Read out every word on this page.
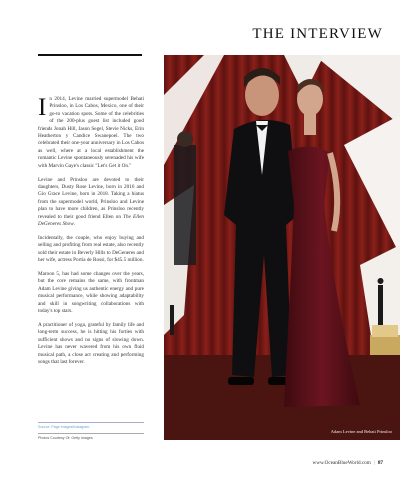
THE INTERVIEW

In 2014, Levine married supermodel Behati Prinsloo, in Los Cabos, Mexico, one of their go-to vacation spots. Some of the celebrities of the 200-plus guest list included good friends Jonah Hill, Jason Segel, Stevie Nicks, Erin Heatherton y Candice Swanepoel. The two celebrated their one-year anniversary in Los Cabos as well, where at a local establishment the romantic Levine spontaneously serenaded his wife with Marvin Gaye's classic "Let's Get it On."

Levine and Prinsloo are devoted to their daughters, Dusty Rose Levine, born in 2016 and Gio Grace Levine, born in 2018. Taking a hiatus from the supermodel world, Prinsloo and Levine plan to have more children, as Prinsloo recently revealed to their good friend Ellen on The Ellen DeGeneres Show.

Incidentally, the couple, who enjoy buying and selling and profiting from real estate, also recently sold their estate in Beverly Hills to DeGeneres and her wife, actress Portia de Rossi, for $45.5 million.

Maroon 5, has had some changes over the years, but the core remains the same, with frontman Adam Levine giving us authentic energy and pure musical performance, while showing adaptability and skill in songwriting collaborations with today's top stars.

A practitioner of yoga, grateful by family life and long-term success, he is hitting his forties with sufficient shows and no signs of slowing down. Levine has never wavered from his own fluid musical path, a close act creating and performing songs that last forever.

Source: Page images/Instagram
Photos Courtesy Of: Getty Images
Adam Levine and Behati Prinsloo
www.OceanBlueWorld.com | 87
